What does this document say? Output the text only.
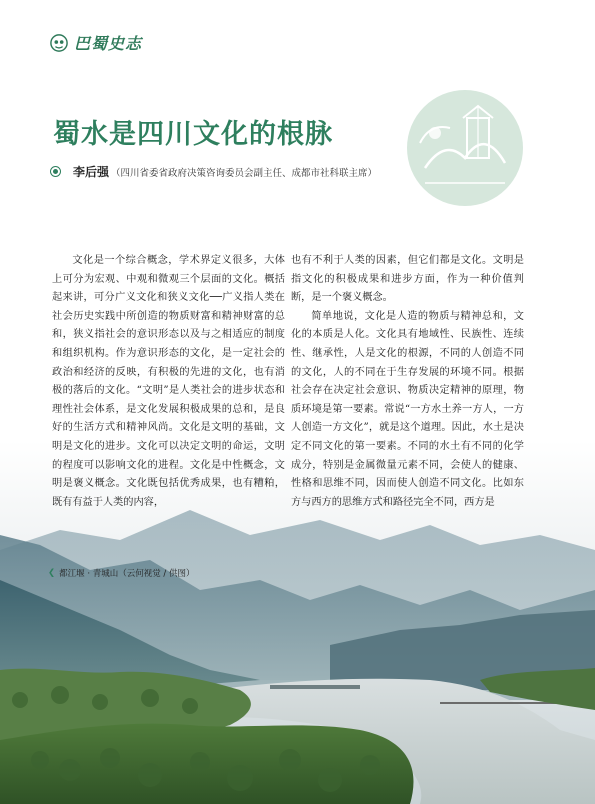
巴蜀史志
蜀水是四川文化的根脉
李后强 （四川省委省政府决策咨询委员会副主任、成都市社科联主席）

文化是一个综合概念，学术界定义很多，大体上可分为宏观、中观和微观三个层面的文化。概括起来讲，可分广义文化和狭义文化──广义指人类在社会历史实践中所创造的物质财富和精神财富的总和，狭义指社会的意识形态以及与之相适应的制度和组织机构。作为意识形态的文化，是一定社会的政治和经济的反映，有积极的先进的文化，也有消极的落后的文化。“文明”是人类社会的进步状态和理性社会体系，是文化发展积极成果的总和，是良好的生活方式和精神风尚。文化是文明的基础，文明是文化的进步。文化可以决定文明的命运，文明的程度可以影响文化的进程。文化是中性概念，文明是褒义概念。文化既包括优秀成果，也有糟粕，既有有益于人类的内容，

也有不利于人类的因素，但它们都是文化。文明是指文化的积极成果和进步方面，作为一种价值判断，是一个褒义概念。

简单地说，文化是人造的物质与精神总和，文化的本质是人化。文化具有地域性、民族性、连续性、继承性，人是文化的根源，不同的人创造不同的文化，人的不同在于生存发展的环境不同。根据社会存在决定社会意识、物质决定精神的原理，物质环境是第一要素。常说“一方水土养一方人，一方人创造一方文化”，就是这个道理。因此，水土是决定不同文化的第一要素。不同的水土有不同的化学成分，特别是金属微量元素不同，会使人的健康、性格和思维不同，因而使人创造不同文化。比如东方与西方的思维方式和路径完全不同，西方是

❮ 都江堰 · 青城山（云何视觉 / 供图）
